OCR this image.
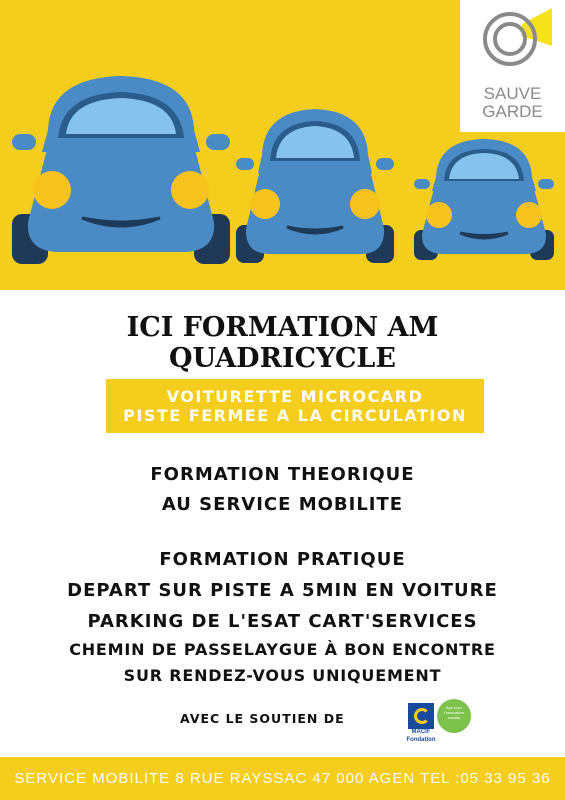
SAUVE
GARDE
ICI FORMATION AM
QUADRICYCLE
VOITURETTE MICROCARD
PISTE FERMEE A LA CIRCULATION
FORMATION THEORIQUE
AU SERVICE MOBILITE
FORMATION PRATIQUE
DEPART SUR PISTE A 5MIN EN VOITURE
PARKING DE L'ESAT CART'SERVICES
CHEMIN DE PASSELAYGUE À BON ENCONTRE
SUR RENDEZ-VOUS UNIQUEMENT
AVEC LE SOUTIEN DE
MACIF
Fondation
Agir pour l'innovation sociale
SERVICE MOBILITE 8 RUE RAYSSAC 47 000 AGEN TEL :05 33 95 36
